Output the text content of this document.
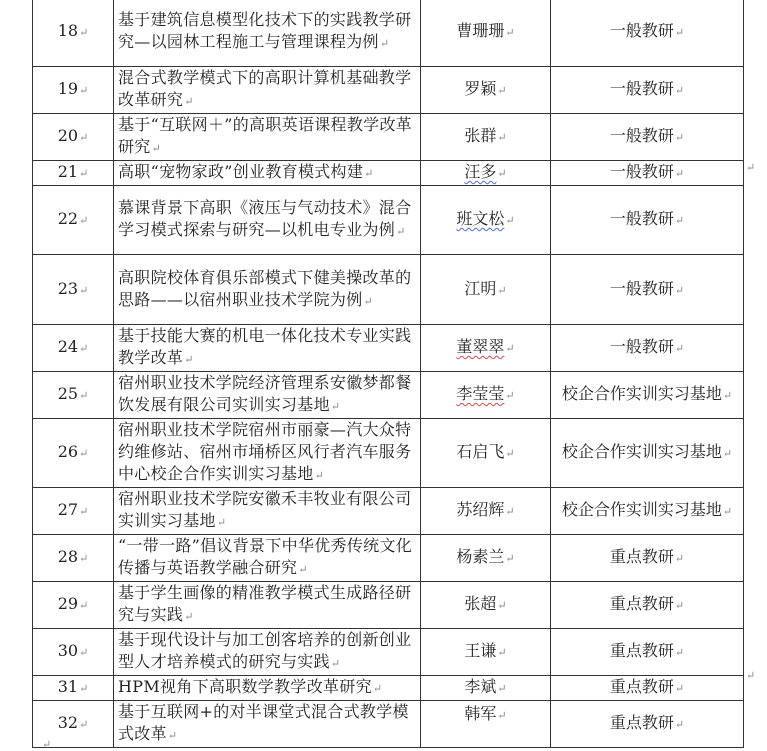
18↵	基于建筑信息模型化技术下的实践教学研究—以园林工程施工与管理课程为例↵	曹珊珊↵	一般教研↵
19↵	混合式教学模式下的高职计算机基础教学改革研究↵	罗颖↵	一般教研↵
20↵	基于“互联网＋”的高职英语课程教学改革研究↵	张群↵	一般教研↵
21↵	高职“宠物家政”创业教育模式构建↵	汪多↵	一般教研↵
22↵	慕课背景下高职《液压与气动技术》混合学习模式探索与研究—以机电专业为例↵	班文松↵	一般教研↵
23↵	高职院校体育俱乐部模式下健美操改革的思路——以宿州职业技术学院为例↵	江明↵	一般教研↵
24↵	基于技能大赛的机电一体化技术专业实践教学改革↵	董翠翠↵	一般教研↵
25↵	宿州职业技术学院经济管理系安徽梦都餐饮发展有限公司实训实习基地↵	李莹莹↵	校企合作实训实习基地↵
26↵	宿州职业技术学院宿州市丽豪—汽大众特约维修站、宿州市埇桥区风行者汽车服务中心校企合作实训实习基地↵	石启飞↵	校企合作实训实习基地↵
27↵	宿州职业技术学院安徽禾丰牧业有限公司实训实习基地↵	苏绍辉↵	校企合作实训实习基地↵
28↵	“一带一路”倡议背景下中华优秀传统文化传播与英语教学融合研究↵	杨素兰↵	重点教研↵
29↵	基于学生画像的精准教学模式生成路径研究与实践↵	张超↵	重点教研↵
30↵	基于现代设计与加工创客培养的创新创业型人才培养模式的研究与实践↵	王谦↵	重点教研↵
31↵	HPM视角下高职数学教学改革研究↵	李斌↵	重点教研↵
32↵	基于互联网+的对半课堂式混合式教学模式改革↵	韩军↵	重点教研↵
↵
↵
↵
